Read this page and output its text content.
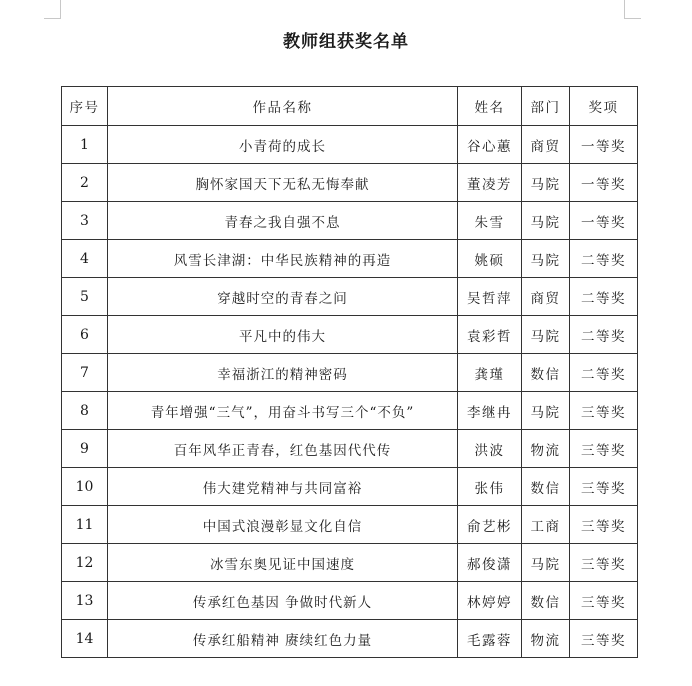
教师组获奖名单
序号	作品名称	姓名	部门	奖项
1	小青荷的成长	谷心蕙	商贸	一等奖
2	胸怀家国天下无私无悔奉献	董凌芳	马院	一等奖
3	青春之我自强不息	朱雪	马院	一等奖
4	风雪长津湖：中华民族精神的再造	姚硕	马院	二等奖
5	穿越时空的青春之问	吴哲萍	商贸	二等奖
6	平凡中的伟大	袁彩哲	马院	二等奖
7	幸福浙江的精神密码	龚瑾	数信	二等奖
8	青年增强“三气”，用奋斗书写三个“不负”	李继冉	马院	三等奖
9	百年风华正青春，红色基因代代传	洪波	物流	三等奖
10	伟大建党精神与共同富裕	张伟	数信	三等奖
11	中国式浪漫彰显文化自信	俞艺彬	工商	三等奖
12	冰雪东奥见证中国速度	郝俊潇	马院	三等奖
13	传承红色基因 争做时代新人	林婷婷	数信	三等奖
14	传承红船精神 赓续红色力量	毛露蓉	物流	三等奖
